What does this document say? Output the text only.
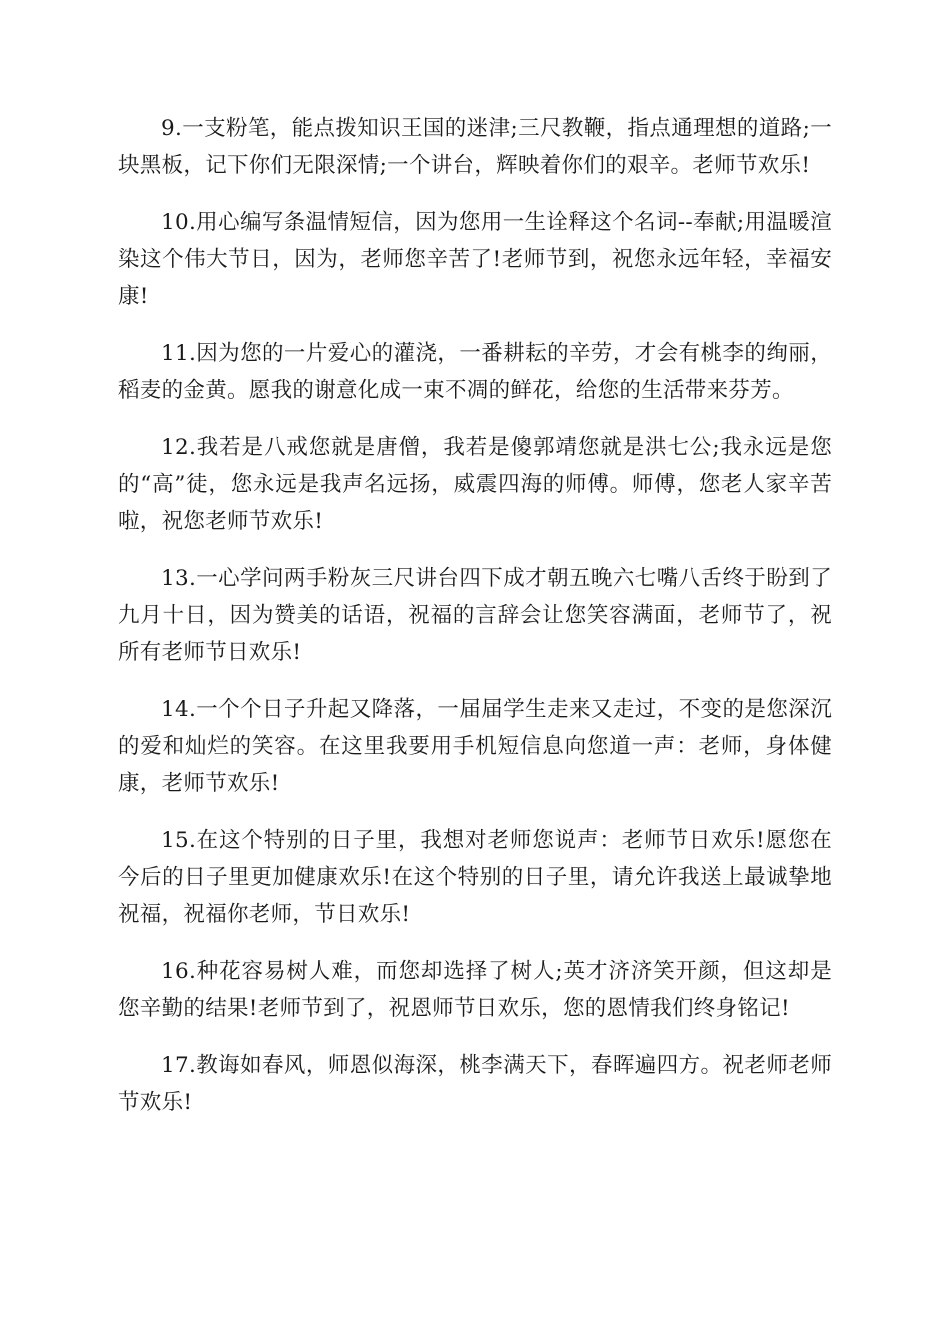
9.一支粉笔，能点拨知识王国的迷津;三尺教鞭，指点通理想的道路;一块黑板，记下你们无限深情;一个讲台，辉映着你们的艰辛。老师节欢乐!

10.用心编写条温情短信，因为您用一生诠释这个名词--奉献;用温暖渲染这个伟大节日，因为，老师您辛苦了!老师节到，祝您永远年轻，幸福安康!

11.因为您的一片爱心的灌浇，一番耕耘的辛劳，才会有桃李的绚丽，稻麦的金黄。愿我的谢意化成一束不凋的鲜花，给您的生活带来芬芳。

12.我若是八戒您就是唐僧，我若是傻郭靖您就是洪七公;我永远是您的“高”徒，您永远是我声名远扬，威震四海的师傅。师傅，您老人家辛苦啦，祝您老师节欢乐!

13.一心学问两手粉灰三尺讲台四下成才朝五晚六七嘴八舌终于盼到了九月十日，因为赞美的话语，祝福的言辞会让您笑容满面，老师节了，祝所有老师节日欢乐!

14.一个个日子升起又降落，一届届学生走来又走过，不变的是您深沉的爱和灿烂的笑容。在这里我要用手机短信息向您道一声：老师，身体健康，老师节欢乐!

15.在这个特别的日子里，我想对老师您说声：老师节日欢乐!愿您在今后的日子里更加健康欢乐!在这个特别的日子里，请允许我送上最诚挚地祝福，祝福你老师，节日欢乐!

16.种花容易树人难，而您却选择了树人;英才济济笑开颜，但这却是您辛勤的结果!老师节到了，祝恩师节日欢乐，您的恩情我们终身铭记!

17.教诲如春风，师恩似海深，桃李满天下，春晖遍四方。祝老师老师节欢乐!
